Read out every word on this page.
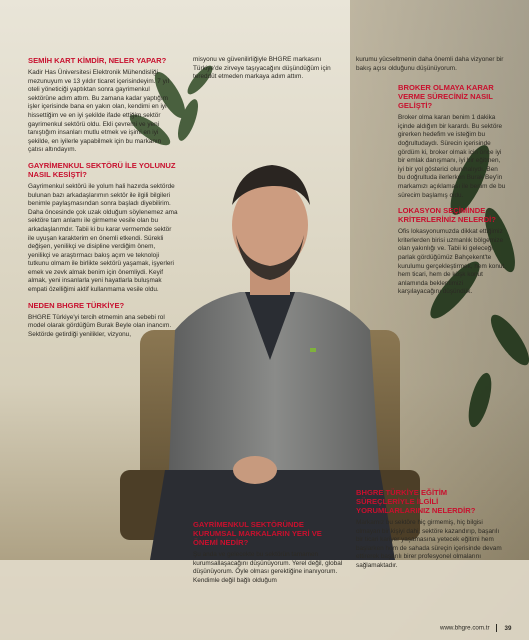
SEMİH KART KİMDİR, NELER YAPAR?

Kadir Has Üniversitesi Elektronik Mühendisliği mezunuyum ve 13 yıldır ticaret içerisindeyim. 7 yıl oteli yöneticiği yaptıktan sonra gayrimenkul sektörüne adım attım. Bu zamana kadar yaptığım işler içerisinde bana en yakın olan, kendimi en iyi hissettiğim ve en iyi şekilde ifade ettiğim sektör gayrimenkul sektörü oldu. Ekli çevremi ve yeni tanıştığım insanları mutlu etmek ve işimi en iyi şekilde, en iyilerle yapabilmek için bu markanın çatısı altındayım.

GAYRİMENKUL SEKTÖRÜ İLE YOLUNUZ NASIL KESİŞTİ?

Gayrimenkul sektörü ile yolum hali hazırda sektörde bulunan bazı arkadaşlarımın sektör ile ilgili bilgileri benimle paylaşmasından sonra başladı diyebilirim. Daha öncesinde çok uzak olduğum söylenemez ama sektöre tam anlamı ile girmeme vesile olan bu arkadaşlarımdır. Tabii ki bu karar vermemde sektör ile uyuşan karakterim en önemli etkendi. Sürekli değişen, yenilikçi ve disipline verdiğim önem, yenilikçi ve araştırmacı bakış açım ve teknoloji tutkunu olmam ile birlikte sektörü yaşamak, işyerleri emek ve zevk almak benim için önemliydi. Keyif almak, yeni insanlarla yeni hayatlarla buluşmak empati özelliğimi aktif kullanmama vesile oldu.

NEDEN BHGRE TÜRKİYE?

BHGRE Türkiye'yi tercih etmemin ana sebebi rol model olarak gördüğüm Burak Beyle olan inancım. Sektörde getirdiği yenilikler, vizyonu,

misyonu ve güvenilirliğiyle BHGRE markasını Türkiye'de zirveye taşıyacağını düşündüğüm için tereddüt etmeden markaya adım attım.

GAYRİMENKUL SEKTÖRÜNDE KURUMSAL MARKALARIN YERİ VE ÖNEMİ NEDİR?

Şu anda ve gelecekte bu sektörün tamamen kurumsallaşacağını düşünüyorum. Yerel değil, global düşünüyorum. Öyle olması gerektiğine inanıyorum. Kendimle değil bağlı olduğum

kurumu yücseltmenin daha önemli daha vizyoner bir bakış açısı olduğunu düşünüyorum.

BROKER OLMAYA KARAR VERME SÜRECİNİZ NASIL GELİŞTİ?

Broker olma kararı benim 1 dakika içinde aldığım bir karardı. Bu sektöre girerken hedefim ve isteğim bu doğrultudaydı. Sürecin içerisinde gördüm ki, broker olmak için önce iyi bir emlak danışmanı, iyi bir eğitmen, iyi bir yol gösterici olunmalıydı. Ben bu doğrultuda ilerlerken Burak Bey'in markamızı açıklaması ile benim de bu sürecim başlamış oldu.

LOKASYON SEÇİMİNDE KRİTERLERİNİZ NELERDİ?

Ofis lokasyonumuzda dikkat ettiğimiz kriterlerden birisi uzmanlık bölgemize olan yakınlığı ve. Tabii ki geleceği parlak gördüğümüz Bahçekent'te kurulumu gerçekleştirmek, hem konut, hem ticari, hem de köşk konut anlamında beklentimizi karşılayacağını düşündük.

BHGRE TÜRKİYE EĞİTİM SÜREÇLERİYLE İLGİLİ YORUMLARLARINIZ NELERDİR?

Markamız bu sektöre hiç girmemiş, hiç bilgisi olmayan bir kişiyi dahi, sektöre kazandırıp, başarılı bir ticari kariyer yaşamasına yetecek eğitimi hem başlarken hem de sahada süreçin içerisinde devam ettirerek başarılı birer profesyonel olmalarını sağlamaktadır.

www.bhgre.com.tr 39
